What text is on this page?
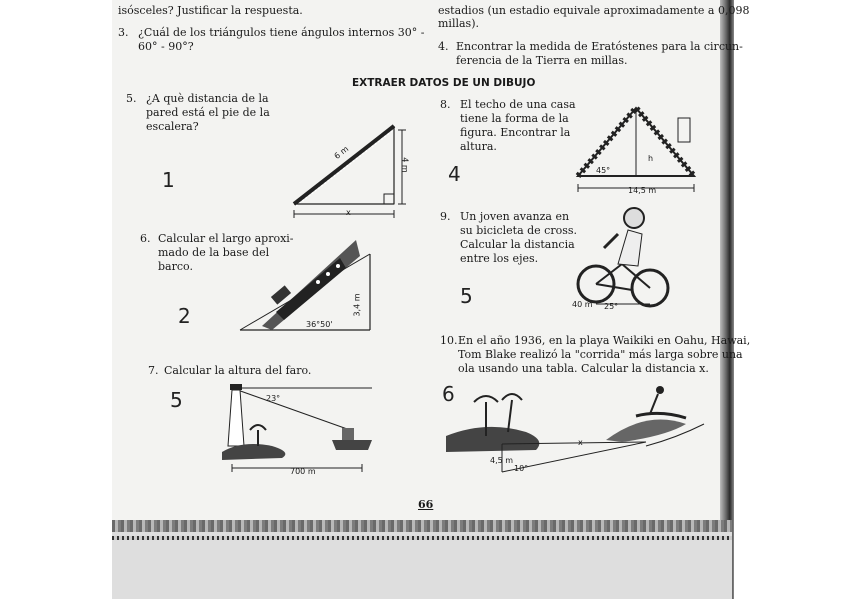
isósceles? Justificar la respuesta.
3. ¿Cuál de los triángulos tiene ángulos internos 30° -
60° - 90°?
estadios (un estadio equivale aproximadamente a 0,098
millas).
4. Encontrar la medida de Eratóstenes para la circun-
ferencia de la Tierra en millas.
EXTRAER DATOS DE UN DIBUJO
5. ¿A què distancia de la
pared está el pie de la
escalera?
1
6 m
4 m
x
6. Calcular el largo aproxi-
mado de la base del
barco.
2	36°50'
3,4 m
7. Calcular la altura del faro.
5	23°
700 m
8. El techo de una casa
tiene la forma de la
figura. Encontrar la
altura.
4	45°
h
14,5 m
9. Un joven avanza en
su bicicleta de cross.
Calcular la distancia
entre los ejes.
5	40 m 25°
10. En el año 1936, en la playa Waikiki en Oahu, Hawai,
Tom Blake realizó la "corrida" más larga sobre una
ola usando una tabla. Calcular la distancia x.
6
x
4,5 m
10°
66
